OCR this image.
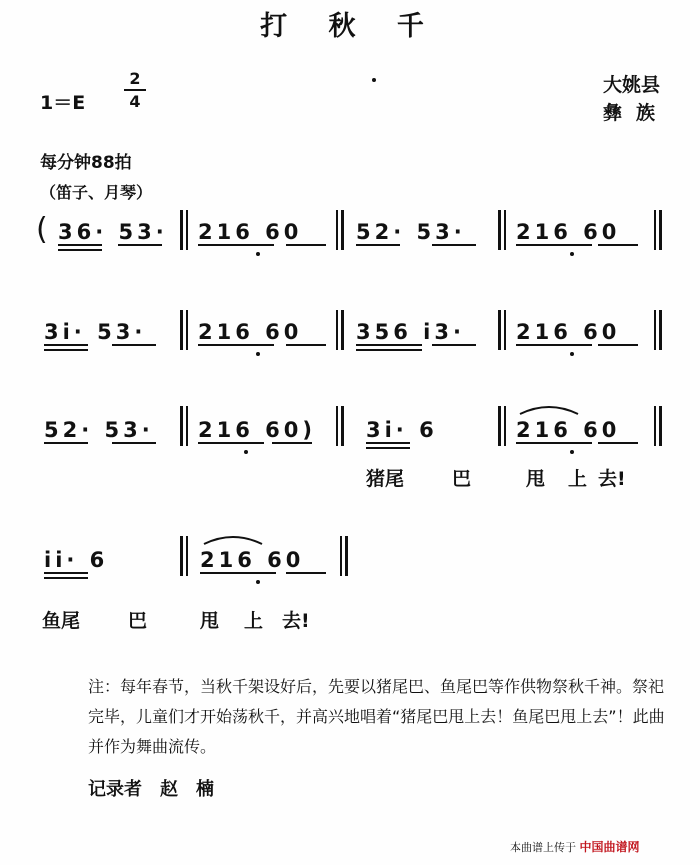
打 秋 千
1＝E
2
4
大姚县
彝族
每分钟88拍
（笛子、月琴）
( 36· 53· 216 60	52· 53· 216 60
3i· 53· 216 60	356 i3· 216 60
52· 53· 216 60) 3i· 6	216 60
猪尾	巴	甩 上 去!
ii· 6	216 60
鱼尾	巴	甩 上 去!
注：每年春节，当秋千架设好后，先要以猪尾巴、鱼尾巴等作供物祭秋千神。祭祀完毕，儿童们才开始荡秋千，并高兴地唱着“猪尾巴甩上去！鱼尾巴甩上去”！此曲并作为舞曲流传。
记录者　赵　楠
本曲谱上传于 中国曲谱网
